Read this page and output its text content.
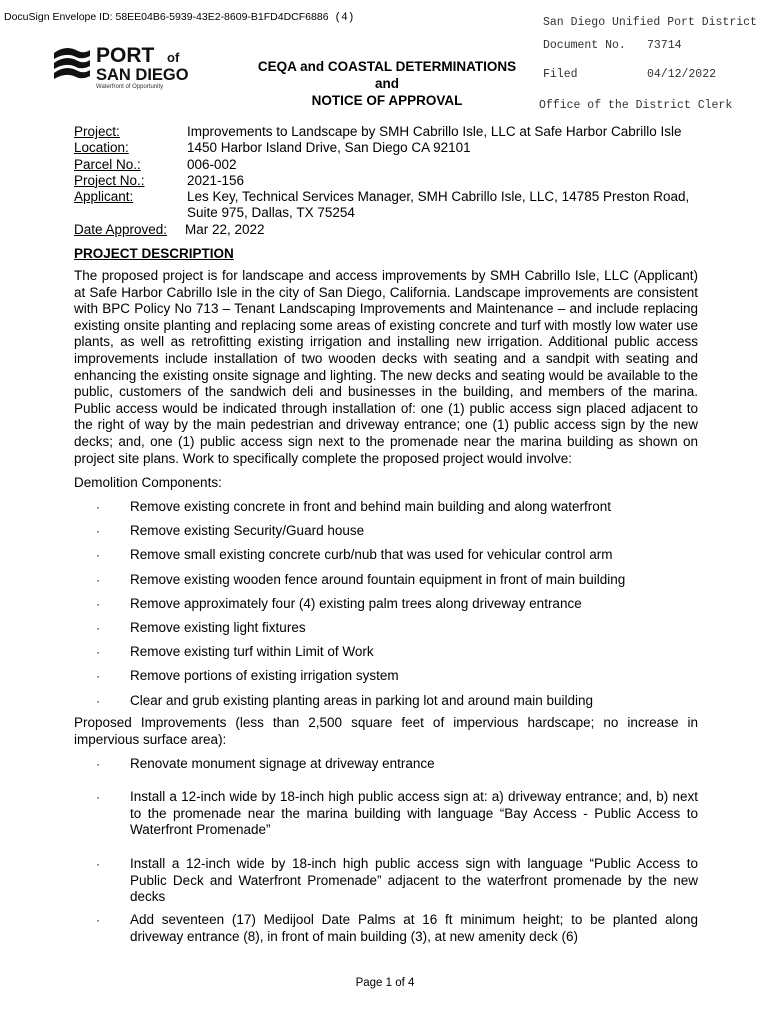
DocuSign Envelope ID: 58EE04B6-5939-43E2-8609-B1FD4DCF6886 (4)	San Diego Unified Port District
Document No. 73714
Filed	04/12/2022
Office of the District Clerk
PORT of
SAN DIEGO
Waterfront of Opportunity
CEQA and COASTAL DETERMINATIONS
and
NOTICE OF APPROVAL
Project:	Improvements to Landscape by SMH Cabrillo Isle, LLC at Safe Harbor Cabrillo Isle
Location:	1450 Harbor Island Drive, San Diego CA 92101
Parcel No.:	006-002
Project No.:	2021-156
Applicant:	Les Key, Technical Services Manager, SMH Cabrillo Isle, LLC, 14785 Preston Road, Suite 975, Dallas, TX 75254
Date Approved:	Mar 22, 2022
PROJECT DESCRIPTION
The proposed project is for landscape and access improvements by SMH Cabrillo Isle, LLC (Applicant) at Safe Harbor Cabrillo Isle in the city of San Diego, California. Landscape improvements are consistent with BPC Policy No 713 – Tenant Landscaping Improvements and Maintenance – and include replacing existing onsite planting and replacing some areas of existing concrete and turf with mostly low water use plants, as well as retrofitting existing irrigation and installing new irrigation. Additional public access improvements include installation of two wooden decks with seating and a sandpit with seating and enhancing the existing onsite signage and lighting. The new decks and seating would be available to the public, customers of the sandwich deli and businesses in the building, and members of the marina. Public access would be indicated through installation of: one (1) public access sign placed adjacent to the right of way by the main pedestrian and driveway entrance; one (1) public access sign by the new decks; and, one (1) public access sign next to the promenade near the marina building as shown on project site plans. Work to specifically complete the proposed project would involve:
Demolition Components:
· Remove existing concrete in front and behind main building and along waterfront
· Remove existing Security/Guard house
· Remove small existing concrete curb/nub that was used for vehicular control arm
· Remove existing wooden fence around fountain equipment in front of main building
· Remove approximately four (4) existing palm trees along driveway entrance
· Remove existing light fixtures
· Remove existing turf within Limit of Work
· Remove portions of existing irrigation system
· Clear and grub existing planting areas in parking lot and around main building
Proposed Improvements (less than 2,500 square feet of impervious hardscape; no increase in impervious surface area):
· Renovate monument signage at driveway entrance
· Install a 12-inch wide by 18-inch high public access sign at: a) driveway entrance; and, b) next to the promenade near the marina building with language “Bay Access - Public Access to Waterfront Promenade”
· Install a 12-inch wide by 18-inch high public access sign with language “Public Access to Public Deck and Waterfront Promenade” adjacent to the waterfront promenade by the new decks
· Add seventeen (17) Medijool Date Palms at 16 ft minimum height; to be planted along driveway entrance (8), in front of main building (3), at new amenity deck (6)
Page 1 of 4
